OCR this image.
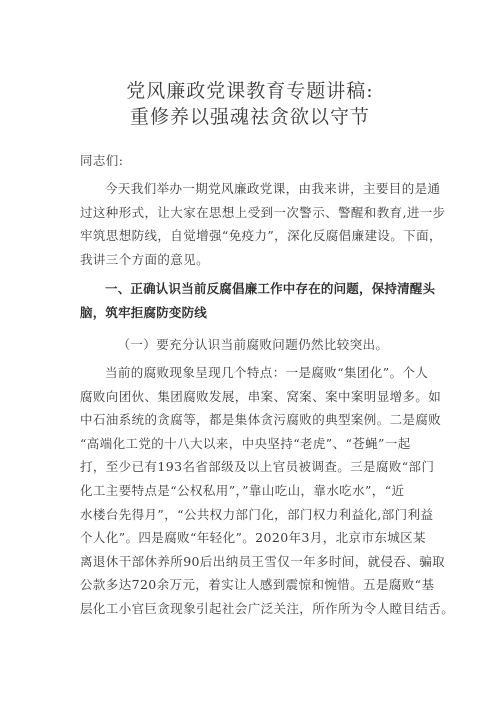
党风廉政党课教育专题讲稿:
重修养以强魂祛贪欲以守节
同志们:
今天我们举办一期党风廉政党课，由我来讲，主要目的是通
过这种形式，让大家在思想上受到一次警示、警醒和教育,进一步
牢筑思想防线，自觉增强“免疫力”，深化反腐倡廉建设。下面，
我讲三个方面的意见。
一、正确认识当前反腐倡廉工作中存在的问题，保持清醒头
脑，筑牢拒腐防变防线
（一）要充分认识当前腐败问题仍然比较突出。
当前的腐败现象呈现几个特点：一是腐败“集团化”。个人
腐败向团伙、集团腐败发展，串案、窝案、案中案明显增多。如
中石油系统的贪腐等，都是集体贪污腐败的典型案例。二是腐败
“高端化工党的十八大以来，中央坚持“老虎”、“苍蝇”一起
打，至少已有193名省部级及以上官员被调查。三是腐败“部门
化工主要特点是“公权私用”，”靠山吃山，靠水吃水”，“近
水楼台先得月”，“公共权力部门化，部门权力利益化,部门利益
个人化”。四是腐败“年轻化”。2020年3月，北京市东城区某
离退休干部休养所90后出纳员王雪仅一年多时间，就侵吞、骗取
公款多达720余万元，着实让人感到震惊和惋惜。五是腐败“基
层化工小官巨贪现象引起社会广泛关注，所作所为令人瞠目结舌。
